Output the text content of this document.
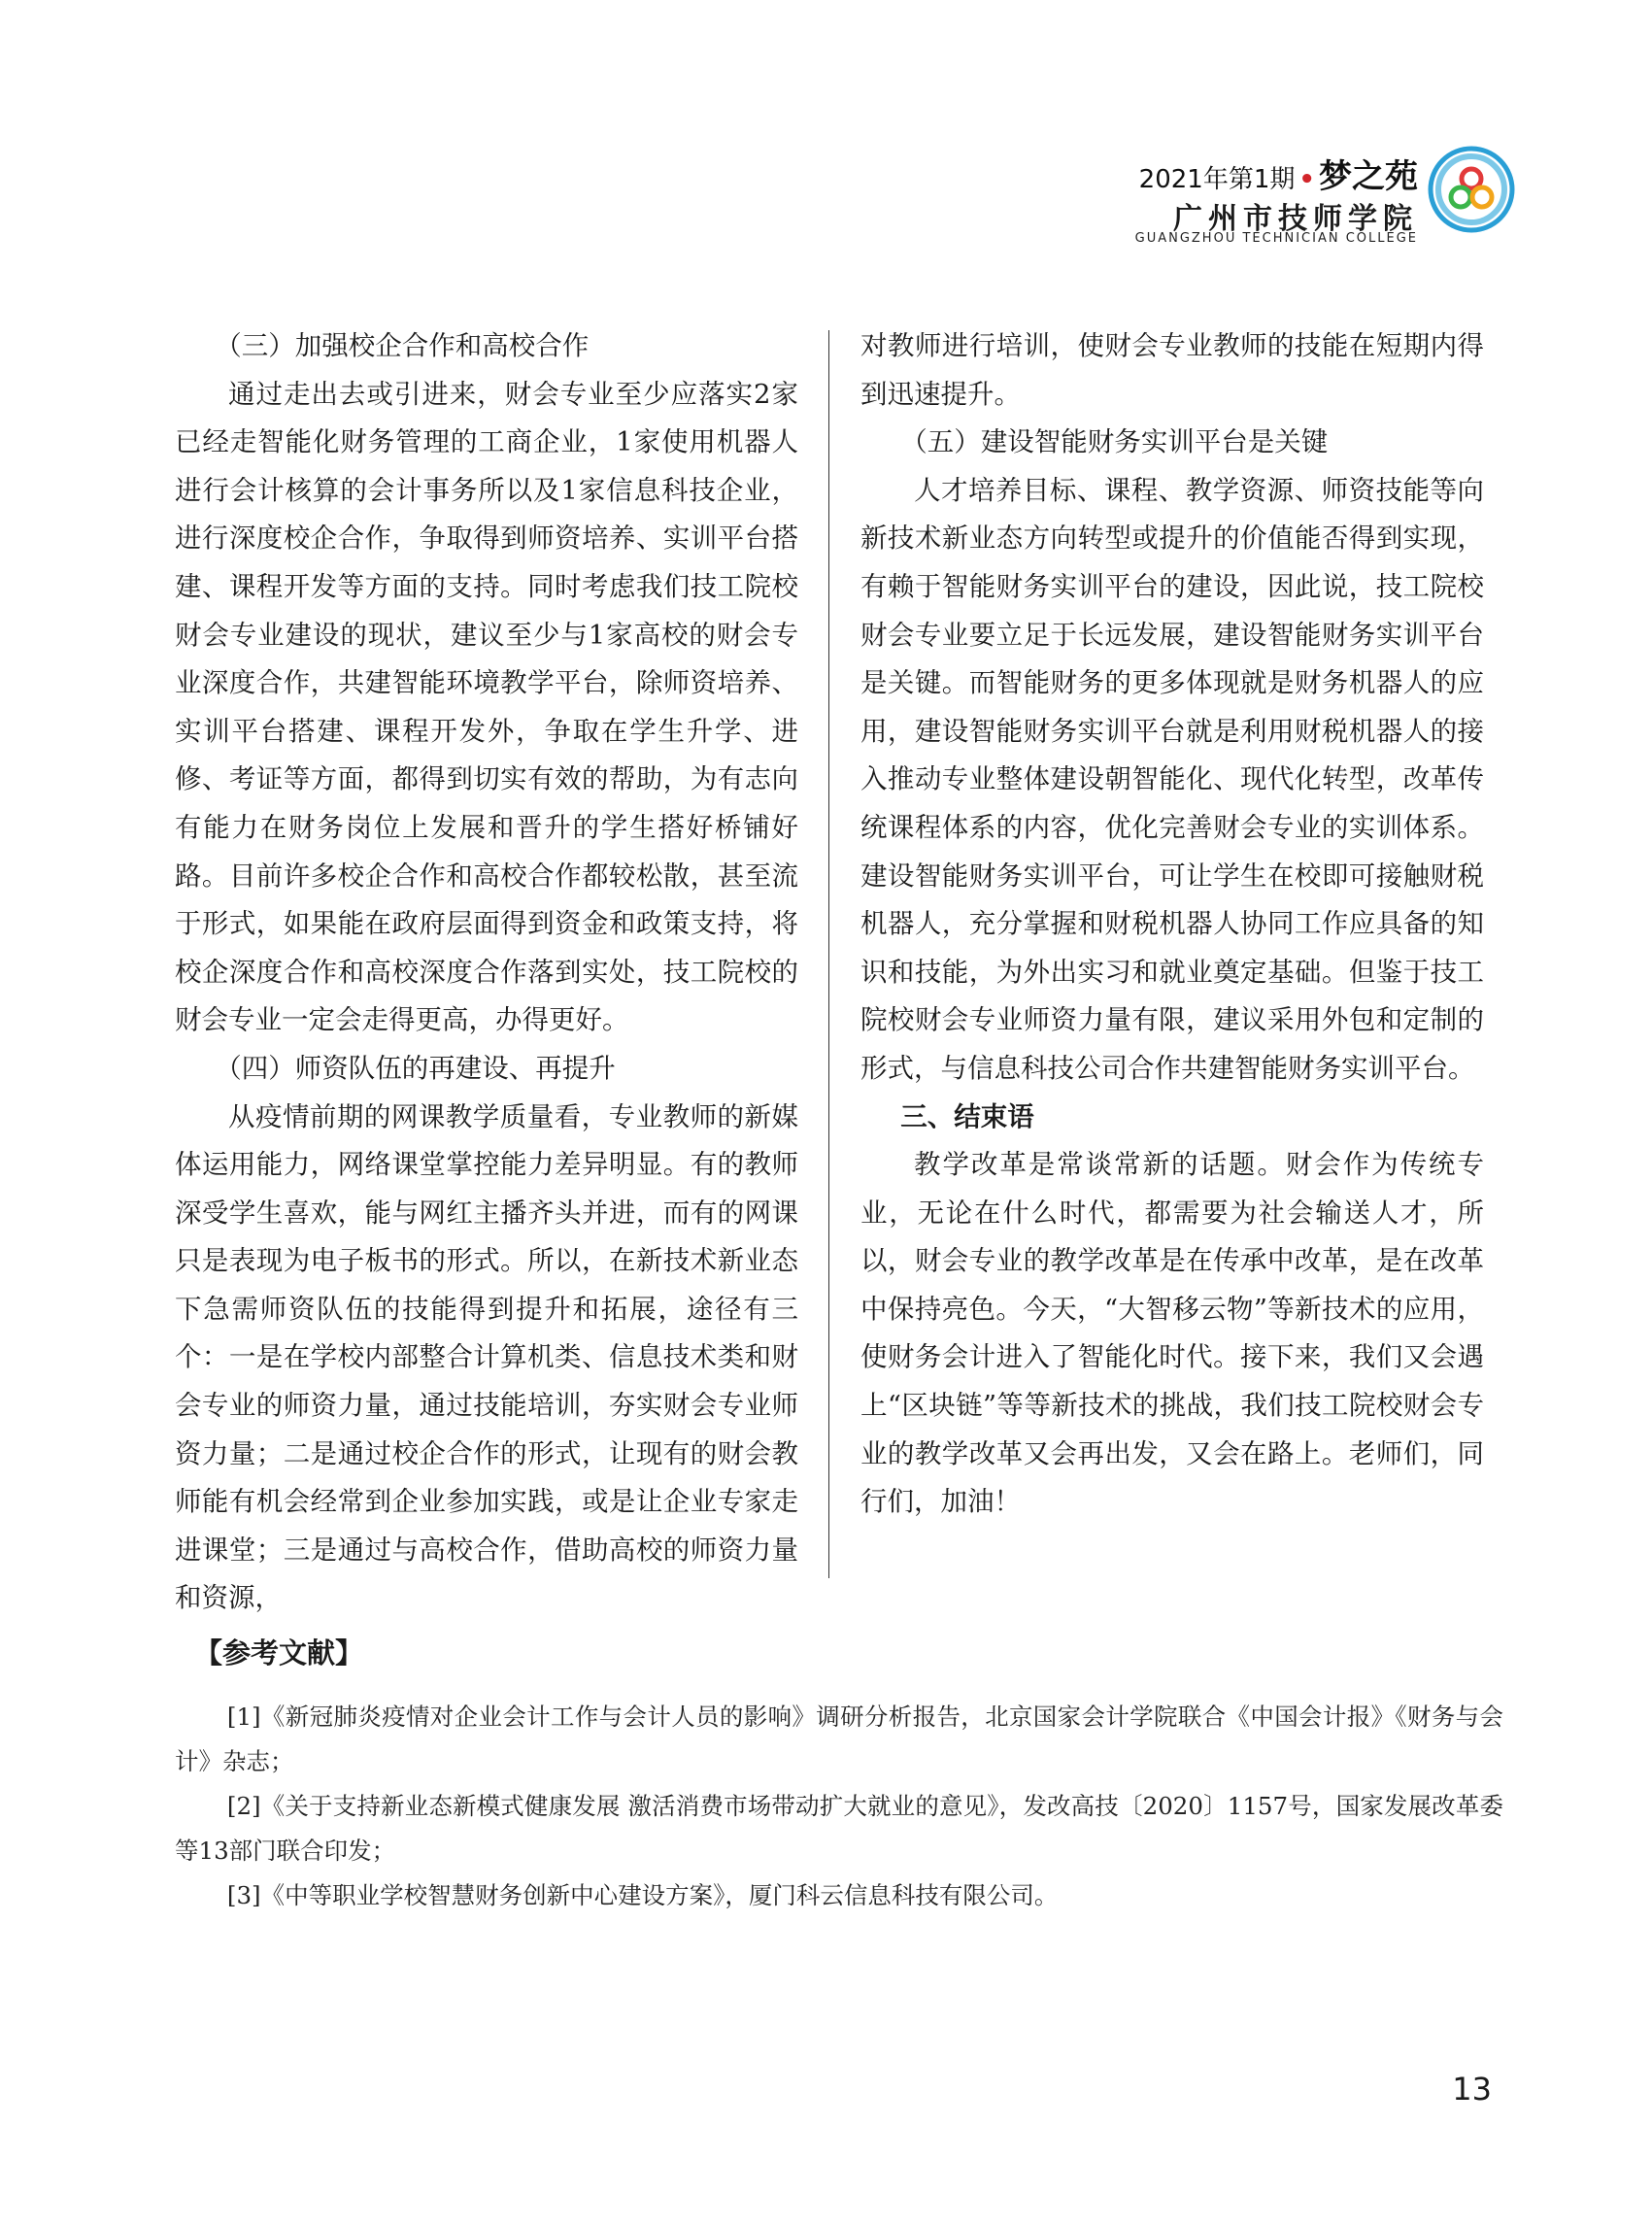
2021年第1期 • 梦之苑
广州市技师学院
GUANGZHOU TECHNICIAN COLLEGE
（三）加强校企合作和高校合作

通过走出去或引进来，财会专业至少应落实2家已经走智能化财务管理的工商企业，1家使用机器人进行会计核算的会计事务所以及1家信息科技企业，进行深度校企合作，争取得到师资培养、实训平台搭建、课程开发等方面的支持。同时考虑我们技工院校财会专业建设的现状，建议至少与1家高校的财会专业深度合作，共建智能环境教学平台，除师资培养、实训平台搭建、课程开发外，争取在学生升学、进修、考证等方面，都得到切实有效的帮助，为有志向有能力在财务岗位上发展和晋升的学生搭好桥铺好路。目前许多校企合作和高校合作都较松散，甚至流于形式，如果能在政府层面得到资金和政策支持，将校企深度合作和高校深度合作落到实处，技工院校的财会专业一定会走得更高，办得更好。

（四）师资队伍的再建设、再提升

从疫情前期的网课教学质量看，专业教师的新媒体运用能力，网络课堂掌控能力差异明显。有的教师深受学生喜欢，能与网红主播齐头并进，而有的网课只是表现为电子板书的形式。所以，在新技术新业态下急需师资队伍的技能得到提升和拓展，途径有三个：一是在学校内部整合计算机类、信息技术类和财会专业的师资力量，通过技能培训，夯实财会专业师资力量；二是通过校企合作的形式，让现有的财会教师能有机会经常到企业参加实践，或是让企业专家走进课堂；三是通过与高校合作，借助高校的师资力量和资源，

对教师进行培训，使财会专业教师的技能在短期内得到迅速提升。

（五）建设智能财务实训平台是关键

人才培养目标、课程、教学资源、师资技能等向新技术新业态方向转型或提升的价值能否得到实现，有赖于智能财务实训平台的建设，因此说，技工院校财会专业要立足于长远发展，建设智能财务实训平台是关键。而智能财务的更多体现就是财务机器人的应用，建设智能财务实训平台就是利用财税机器人的接入推动专业整体建设朝智能化、现代化转型，改革传统课程体系的内容，优化完善财会专业的实训体系。建设智能财务实训平台，可让学生在校即可接触财税机器人，充分掌握和财税机器人协同工作应具备的知识和技能，为外出实习和就业奠定基础。但鉴于技工院校财会专业师资力量有限，建议采用外包和定制的形式，与信息科技公司合作共建智能财务实训平台。

三、结束语

教学改革是常谈常新的话题。财会作为传统专业，无论在什么时代，都需要为社会输送人才，所以，财会专业的教学改革是在传承中改革，是在改革中保持亮色。今天，“大智移云物”等新技术的应用，使财务会计进入了智能化时代。接下来，我们又会遇上“区块链”等等新技术的挑战，我们技工院校财会专业的教学改革又会再出发，又会在路上。老师们，同行们，加油！

【参考文献】
[1]《新冠肺炎疫情对企业会计工作与会计人员的影响》调研分析报告，北京国家会计学院联合《中国会计报》《财务与会计》杂志；
[2]《关于支持新业态新模式健康发展 激活消费市场带动扩大就业的意见》，发改高技〔2020〕1157号，国家发展改革委等13部门联合印发；
[3]《中等职业学校智慧财务创新中心建设方案》，厦门科云信息科技有限公司。
13
